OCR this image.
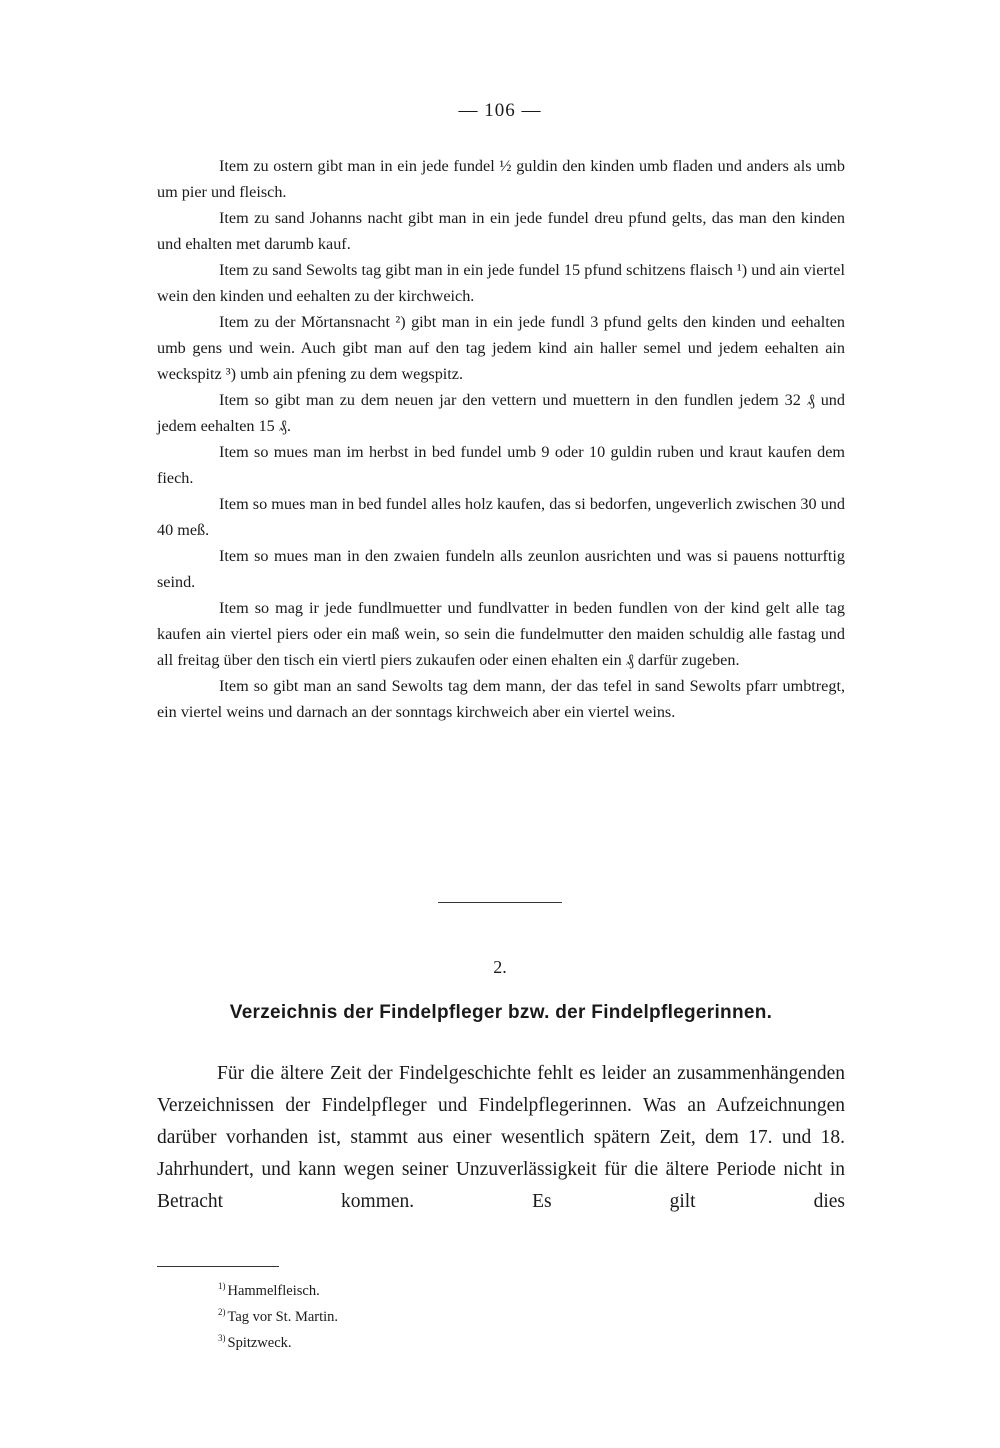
— 106 —

Item zu ostern gibt man in ein jede fundel ½ guldin den kinden umb fladen und anders als umb um pier und fleisch.

Item zu sand Johanns nacht gibt man in ein jede fundel dreu pfund gelts, das man den kinden und ehalten met darumb kauf.

Item zu sand Sewolts tag gibt man in ein jede fundel 15 pfund schitzens flaisch ¹) und ain viertel wein den kinden und eehalten zu der kirchweich.

Item zu der Mŏrtansnacht ²) gibt man in ein jede fundl 3 pfund gelts den kinden und eehalten umb gens und wein. Auch gibt man auf den tag jedem kind ain haller semel und jedem eehalten ain weckspitz ³) umb ain pfening zu dem wegspitz.

Item so gibt man zu dem neuen jar den vettern und muettern in den fundlen jedem 32 ₰ und jedem eehalten 15 ₰.

Item so mues man im herbst in bed fundel umb 9 oder 10 guldin ruben und kraut kaufen dem fiech.

Item so mues man in bed fundel alles holz kaufen, das si bedorfen, ungeverlich zwischen 30 und 40 meß.

Item so mues man in den zwaien fundeln alls zeunlon ausrichten und was si pauens notturftig seind.

Item so mag ir jede fundlmuetter und fundlvatter in beden fundlen von der kind gelt alle tag kaufen ain viertel piers oder ein maß wein, so sein die fundelmutter den maiden schuldig alle fastag und all freitag über den tisch ein viertl piers zukaufen oder einen ehalten ein ₰ darfür zugeben.

Item so gibt man an sand Sewolts tag dem mann, der das tefel in sand Sewolts pfarr umbtregt, ein viertel weins und darnach an der sonntags kirchweich aber ein viertel weins.

2.
Verzeichnis der Findelpfleger bzw. der Findelpflegerinnen.

Für die ältere Zeit der Findelgeschichte fehlt es leider an zusammenhängenden Verzeichnissen der Findelpfleger und Findelpflegerinnen. Was an Aufzeichnungen darüber vorhanden ist, stammt aus einer wesentlich spätern Zeit, dem 17. und 18. Jahrhundert, und kann wegen seiner Unzuverlässigkeit für die ältere Periode nicht in Betracht kommen. Es gilt dies

$^{1)}$ Hammelfleisch.
$^{2)}$ Tag vor St. Martin.
$^{3)}$ Spitzweck.
